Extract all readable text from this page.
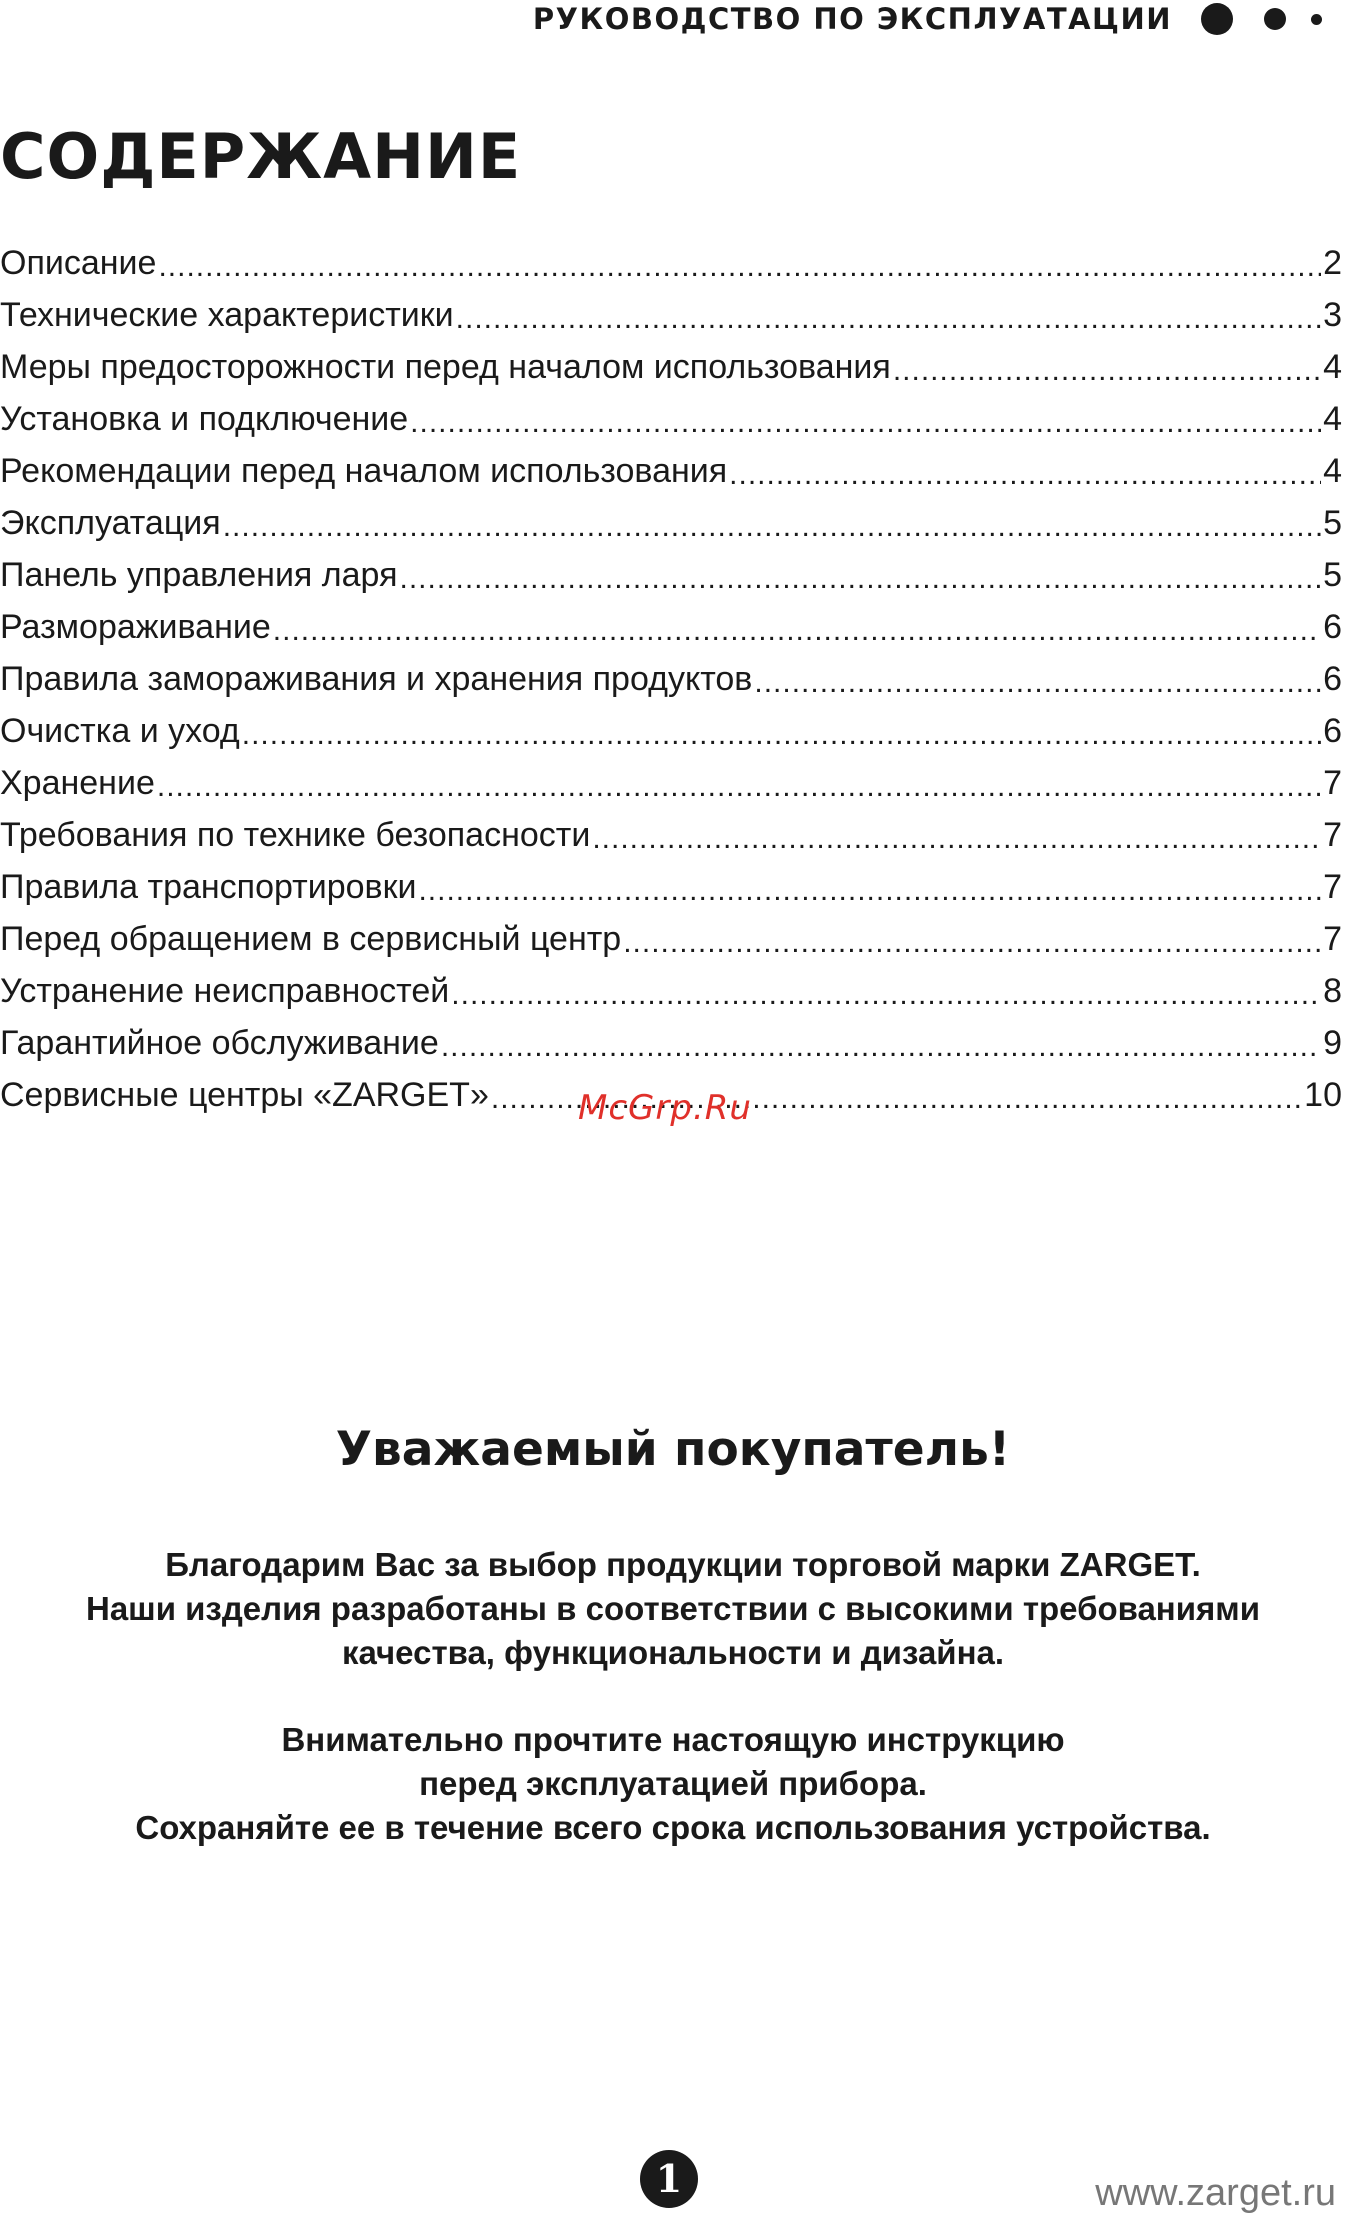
РУКОВОДСТВО ПО ЭКСПЛУАТАЦИИ
СОДЕРЖАНИЕ
Описание .....	2
Технические характеристики .....	3
Меры предосторожности перед началом использования .....	4
Установка и подключение .....	4
Рекомендации перед началом использования .....	4
Эксплуатация .....	5
Панель управления ларя .....	5
Размораживание .....	6
Правила замораживания и хранения продуктов .....	6
Очистка и уход .....	6
Хранение .....	7
Требования по технике безопасности .....	7
Правила транспортировки .....	7
Перед обращением в сервисный центр .....	7
Устранение неисправностей .....	8
Гарантийное обслуживание .....	9
Сервисные центры «ZARGET» .....	10
McGrp.Ru
Уважаемый покупатель!

Благодарим Вас за выбор продукции торговой марки ZARGET.
Наши изделия разработаны в соответствии с высокими требованиями
качества, функциональности и дизайна.

Внимательно прочтите настоящую инструкцию
перед эксплуатацией прибора.
Сохраняйте ее в течение всего срока использования устройства.

1	www.zarget.ru
